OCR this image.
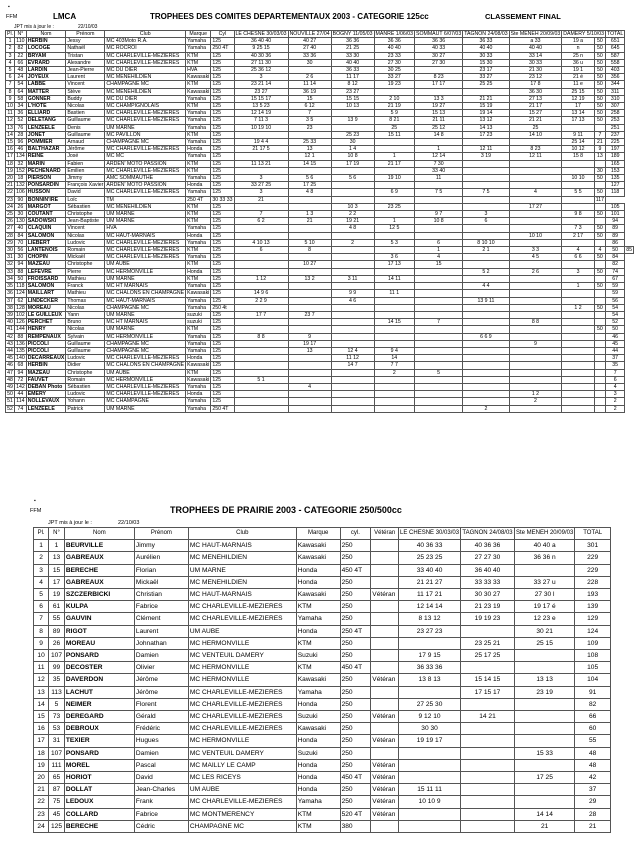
▪
FFM	LMCA	TROPHEES DES COMITES DEPARTEMENTAUX 2003 - CATEGORIE 125cc	CLASSEMENT FINAL
JPT mis à jour le :	22/10/03
Pl.	N°	Nom	Prénom	Club	Marque	Cyl	LE CHESNE 30/03/03	NOUVILLE 27/04	BOGNY 11/05/03	MANRE 1/06/03	SOMMAUT 6/07/03	TAGNON 24/08/03	Ste MENEH 20/09/03	DAMERY 5/10/03		TOTAL	
1	110	HERBIN	Jessy	MC 403Moto R.A.	Yamaha	125	36 40 40	40 27	36 36	36 36	36 36	36 33	a 33	19 a	50	651	
2	82	LOCOGE	Nathaël	MC ROCROI	Yamaha	250 4T	9 25 15	27 40	21 25	40 40	40 33	40 40	40 40	n	50	645	
3	22	BRYAM	Tristan	MC CHARLEVILLE-MEZIERES	KTM	125	40 30 36	33 36	33 30	23 33	30 27	30 33	33 14	25 n	50	587	
4	66	EVRARD	Alexandre	MC CHARLEVILLE-MEZIERES	KTM	125	27 11 30	30	40 40	27 30	27 30	15 30	30 33	36 u	50	558	
5	48	LARDIN	Jean-Pierre	MC DU DIER	HVA	125	25 36 12		36 33	30 25		23 17	21 30	19 1	50	403	
6	24	JOYEUX	Laurent	MC MENEHILDIEN	Kawasaki	125	3	2 6	11 17	33 27	8 23	33 27	23 12	21 é	50	356	
7	54	LABBE	Vincent	CHAMPAGNE MC	KTM	125	23 21 14	11 14	8 12	19 23	17 17	25 25	17 8	11 e	50	344	
8	64	MATTER	Stève	MC MENEHILDIEN	Kawasaki	125	23 27	36 19	23 27				36 30	25 15	50	311	
9	58	GONNER	Buddy	MC DU DIER	Yamaha	125	15 15 17	15	15 15	2 10	13 3	21 21	27 13	12 19	50	310	
10	34	L'HOTE	Nicolas	MC CHAMPIGNOLAIS	KTM	125	13 5 23	6 12	10 13	21 19	19 27	15 19	21 17	17	50	307	
11	36	ELLIARD	Bastien	MC CHARLEVILLE-MEZIERES	Yamaha	125	12 14 19	7		5 9	15 13	19 14	15 27	13 14	50	258	
12	52	DELETANG	Guillaume	MC CHARLEVILLE-MEZIERES	Yamaha	125	7 11 3	3 5	13 9	8 21	21 11	13 12	21 21	17 13	50	253	
13	76	LENZEELE	Denis	UM MARNE	Yamaha	125	10 19 10	23		25	25 12	14 13	25			251	
14	28	JONET	Guillaume	MC PAVILLON	KTM	125			25 23	15 11	14 8	17 23	14 10	9 11	7	237	
15	96	POMMIER	Arnaud	CHAMPAGNE MC	Yamaha	125	19 4 4	25 33	30					25 14	21	225	
16	46	BALTHAZAR	Jérôme	MC CHARLEVILLE-MEZIERES	Honda	125	21 17 5	13	1 4		1	12 11	8 23	10 12	9	197	
17	134	REINE	José	MC MC	Yamaha	125		12 1	10 8	1	12 14	3 19	12 11	15 8	13	189	
18	32	MARIN	Fabien	ARDEN' MOTO PASSION	KTM	125	11 13 21	14 15	17 19	21 17	7 30					165	
19	152	PECHENARD	Emilien	MC CHARLEVILLE-MEZIERES	KTM	125					33 40				30	153	
20	18	PIERSON	Jimmy	AMC SOMMAUTHE	Yamaha	125	3	5 6	5 6	19 10	11			10 10	50	135	
21	132	PONSARDIN	François Xavier	ARDEN' MOTO PASSION	Honda	125	33 27 25	17 25								127	
22	106	HUSSON	David	MC CHARLEVILLE-MEZIERES	Yamaha	125	3	4 8		6 9	7 5	7 5	4	5 5	50	118	
23	90	BONNIN'IRE	Loïc	TM	250 4T	30 33 33	21								117		
24	26	MARGOT	Sébastien	MC MENEHILDIEN	KTM	125			10 3	23 25			17 27			105	
25	30	COUTANT	Christophe	UM MARNE	KTM	125	7	1 3	2 2		9 7	3		9 8	50	101	
26	130	SADOWSKI	Jean-Baptiste	UM MARNE	KTM	125	6 2	21	19 21	1	10 8	6				94	
27	40	CLAQUIN	Vincent	HVA	Yamaha	125			4 8	12 5				7 3	50	89	
28	84	SALOMON	Nicolas	MC HAUT-MARNAIS	Honda	125							10 10	2 17	50	89	
29	70	LIEBERT	Ludovic	MC CHARLEVILLE-MEZIERES	Yamaha	125	4 10 13	5 10	2	5 3	6	8 10 10				86	
30	56	LANTENOIS	Romain	MC CHARLEVILLE-MEZIERES	KTM	125	6	8			1	2 1	3 3	4	4	50	85
31	30	CHOPIN	Mickaël	MC CHARLEVILLE-MEZIERES	Yamaha	125				3 6	4		4 5	6 6	50	84	
32	94	MAZEAU	Christophe	UM AUBE	KTM	125		10 27		17 13	15					82	
33	88	LEFEVRE	Pierre	MC HERMONVILLE	Honda	125						5 2	2 6	3	50	74	
34	50	FROISSARD	Mathieu	UM MARNE	KTM	125	1 12	13 2	3 11	14 11						67	
35	118	SALOMON	Franck	MC HT MARNAIS	Yamaha	125						4 4		1	50	59	
36	124	MAILLART	Mathieu	MC CHALONS EN CHAMPAGNE	Kawasaki	125	14 9 6		9 9	11 1						59	
37	62	LINDECKER	Thomas	MC HAUT-MARNAIS	Yamaha	125	2 2 9		4 6			13 9 11				56	
38	128	MOREAU	Nicolas	CHAMPAGNE MC	Yamaha	250 4t								1 2	50	54	
39	102	LE GUILLEUX	Yann	UM MARNE	suzuki	125	17 7	23 7								54	
40	126	PERCHET	Bruno	MC HT MARNAIS	suzuki	125				14 15	7		8 8			52	
41	144	HENRY	Nicolas	UM MARNE	KTM	125									50	50	
42	88	REMPENAUX	Sylvain	MC HERMONVILLE	Yamaha	125	8 8	9				6 6 9				46	
43	136	PICCOLI	Guillaume	CHAMPAGNE MC	Yamaha	125		19 17					9			45	
44	135	PICCOLI	Guillaume	CHAMPAGNE MC	Yamaha	125		13	12 4	9 4						44	
45	140	DECARREAUX	Ludovic	MC CHARLEVILLE-MEZIERES	Honda	125			11 12	14						37	
46	68	HERBIN	Didier	MC CHALONS EN CHAMPAGNE	Kawasaki	125			14 7	7 7						35	
47	94	MAZEAU	Christophe	UM AUBE	KTM	125				2	5					7	
48	72	FAUVET	Romain	MC HERMONVILLE	Kawasaki	125	5 1									6	
49	142	DEBAN Photo	Sébastien	MC CHARLEVILLE-MEZIERES	Yamaha	125		4								4	
50	44	EMERY	Ludovic	MC CHARLEVILLE-MEZIERES	Honda	125							1 2			3	
51	114	NOLLEVAUX	Yohann	MC CHAMPAGNE	Yamaha	125							2			2	
52	74	LENZEELE	Patrick	UM MARNE	Yamaha	250 4T						2				2	
▪
FFM	TROPHEES DE PRAIRIE 2003 - CATEGORIE 250/500cc
JPT mis à jour le :	22/10/03
Pl.	N°	Nom	Prénom	Club	Marque	cyl.	Vétéran	LE CHESNE 30/03/03	TAGNON 24/08/03	Ste MENEH 20/09/03	TOTAL
1	1	BEURVILLE	Jimmy	MC HAUT-MARNAIS	Kawasaki	250		40 36 33	40 36 36	40 40 a	301
2	13	GABREAUX	Aurélien	MC MENEHILDIEN	Kawasaki	250		25 23 25	27 27 30	36 36 n	229
3	15	BERECHE	Florian	UM MARNE	Honda	450 4T		33 40 40	36 40 40		229
4	17	GABREAUX	Mickaël	MC MENEHILDIEN	Honda	250		21 21 27	33 33 33	33 27 u	228
5	19	SZCZERBICKI	Christian	MC HAUT-MARNAIS	Kawasaki	250	Vétéran	11 17 21	30 30 27	27 30 l	193
6	61	KULPA	Fabrice	MC CHARLEVILLE-MEZIERES	KTM	250		12 14 14	21 23 19	19 17 é	139
7	55	GAUVIN	Clément	MC CHARLEVILLE-MEZIERES	Yamaha	250		8 13 12	19 19 23	12 23 e	129
8	89	RIGOT	Laurent	UM AUBE	Honda	250 4T		23 27 23		30 21	124
9	26	MOREAU	Johnathan	MC HERMONVILLE	KTM	250			23 25 21	25 15	109
10	107	PONSARD	Damien	MC VENTEUIL DAMERY	Suzuki	250		17 9 15	25 17 25		108
11	99	DECOSTER	Olivier	MC HERMONVILLE	KTM	450 4T		36 33 36			105
12	35	DAVERDON	Jérôme	MC HERMONVILLE	Kawasaki	250	Vétéran	13 8 13	15 14 15	13 13	104
13	113	LACHUT	Jérôme	MC CHARLEVILLE-MEZIERES	Yamaha	250			17 15 17	23 19	91
14	5	NEIMER	Florent	MC CHARLEVILLE-MEZIERES	Honda	250		27 25 30			82
15	73	DEREGARD	Gérald	MC CHARLEVILLE-MEZIERES	Suzuki	250	Vétéran	9 12 10	14 21		66
16	53	DEBROUX	Frédéric	MC CHARLEVILLE-MEZIERES	Kawasaki	250		30 30			60
17	31	TEXIER	Hugues	MC HERMONVILLE	Honda	250	Vétéran	19 19 17			55
18	107	PONSARD	Damien	MC VENTEUIL DAMERY	Suzuki	250				15 33	48
19	111	MOREL	Pascal	MC MAILLY LE CAMP	Honda	250	Vétéran				48
20	65	HORIOT	David	MC LES RICEYS	Honda	450 4T	Vétéran			17 25	42
21	87	DOLLAT	Jean-Charles	UM AUBE	Honda	250	Vétéran	15 11 11			37
22	75	LEDOUX	Frank	MC CHARLEVILLE-MEZIERES	Yamaha	250	Vétéran	10 10 9			29
23	45	COLLARD	Fabrice	MC MONTMERENCY	KTM	520 4T	Vétéran			14 14	28
24	125	BERECHE	Cédric	CHAMPAGNE MC	KTM	380				21	21
